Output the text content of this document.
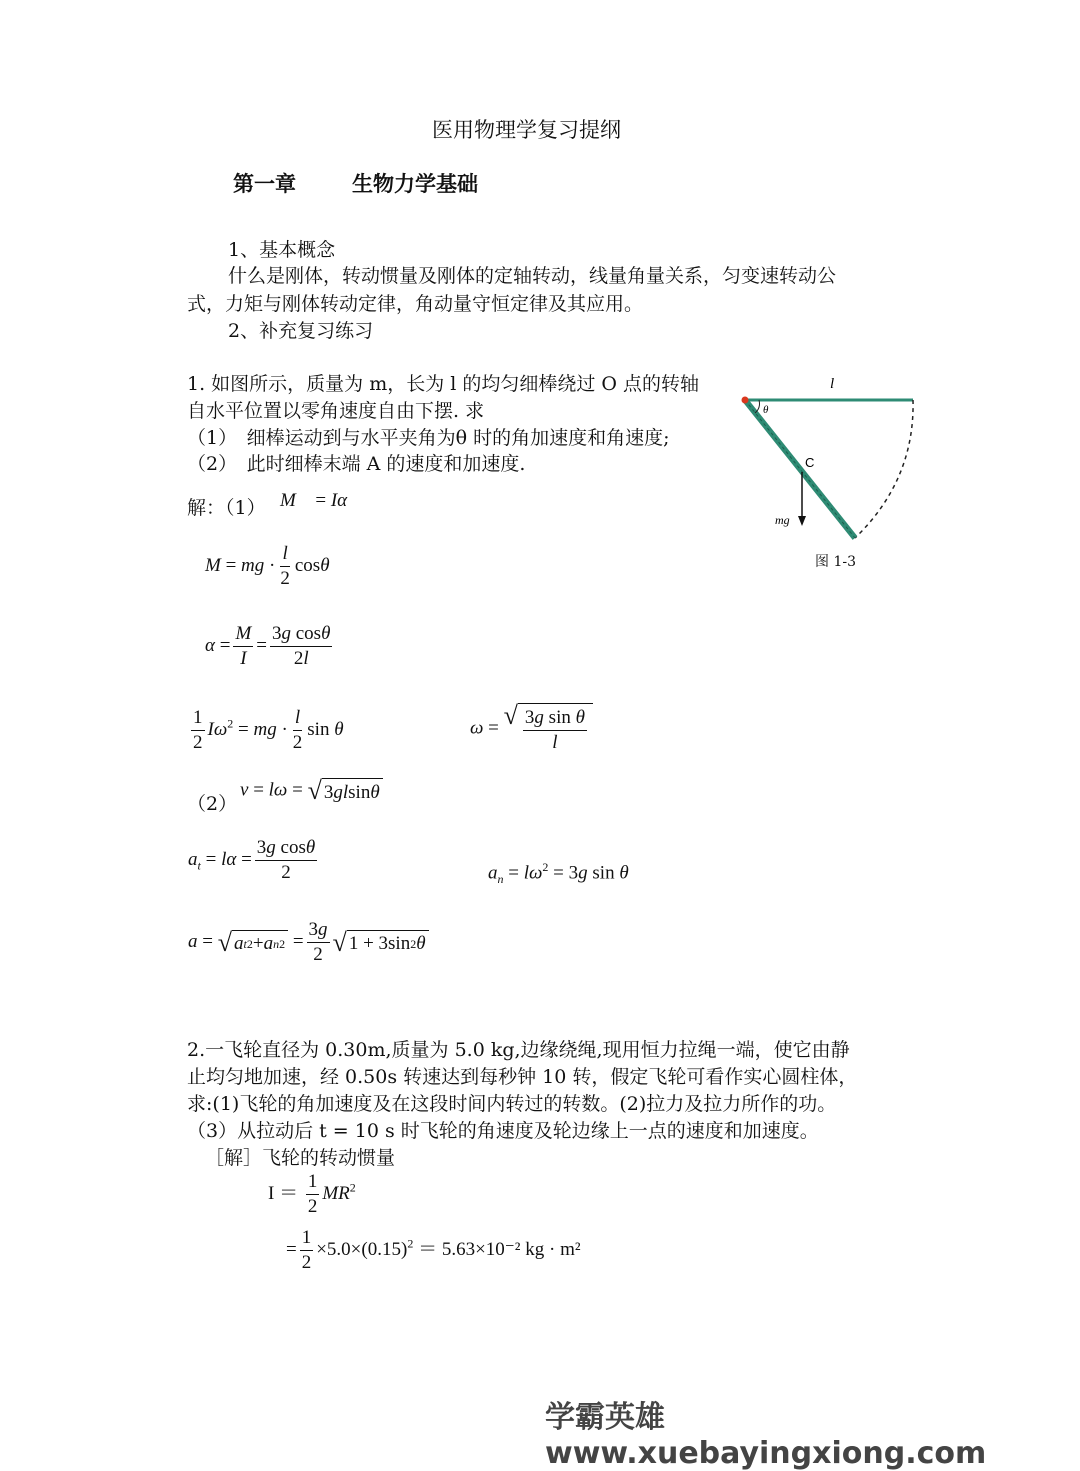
医用物理学复习提纲
第一章	生物力学基础
1、基本概念
什么是刚体，转动惯量及刚体的定轴转动，线量角量关系，匀变速转动公
式，力矩与刚体转动定律，角动量守恒定律及其应用。
2、补充复习练习
1. 如图所示，质量为 m，长为 l 的均匀细棒绕过 O 点的转轴
自水平位置以零角速度自由下摆. 求
（1）　细棒运动到与水平夹角为θ 时的角加速度和角速度;
（2）　此时细棒末端 A 的速度和加速度.
l
θ
C
mg
图 1-3
解：（1） M⃗ = Iα⃗
M = mg · $\frac{l}{2}$ cosθ
$\alpha = \frac{M}{I} = \frac{\text{3g cosθ}}{2l}$
$\frac{1}{2} I\omega^2$ = mg · $\frac{l}{2}$ sin θ	ω = √ $\frac{\text{3g sin θ}}{l}$
（2）
v = lω = √ 3 gl sin θ
$a_t = l\alpha = \frac{\text{3g cosθ}}{2}$	$a_n = l\omega^2 = 3g$ sin θ
a = √ a t 2 + a n $2 = \frac{3g}{2}$ √ 1 + 3sin 2 θ
2.一飞轮直径为 0.30m,质量为 5.0 kg,边缘绕绳,现用恒力拉绳一端，使它由静
止均匀地加速，经 0.50s 转速达到每秒钟 10 转，假定飞轮可看作实心圆柱体，
求:(1)飞轮的角加速度及在这段时间内转过的转数。(2)拉力及拉力所作的功。
（3）从拉动后 t = 10 s 时飞轮的角速度及轮边缘上一点的速度和加速度。
［解］飞轮的转动惯量
$I = \frac{1}{2} MR^2$
= $\frac{1}{2} \times 5.0\times(0.15)^2 = 5.63\times 10^{-2}$ kg · m²
学霸英雄 www.xuebayingxiong.com
